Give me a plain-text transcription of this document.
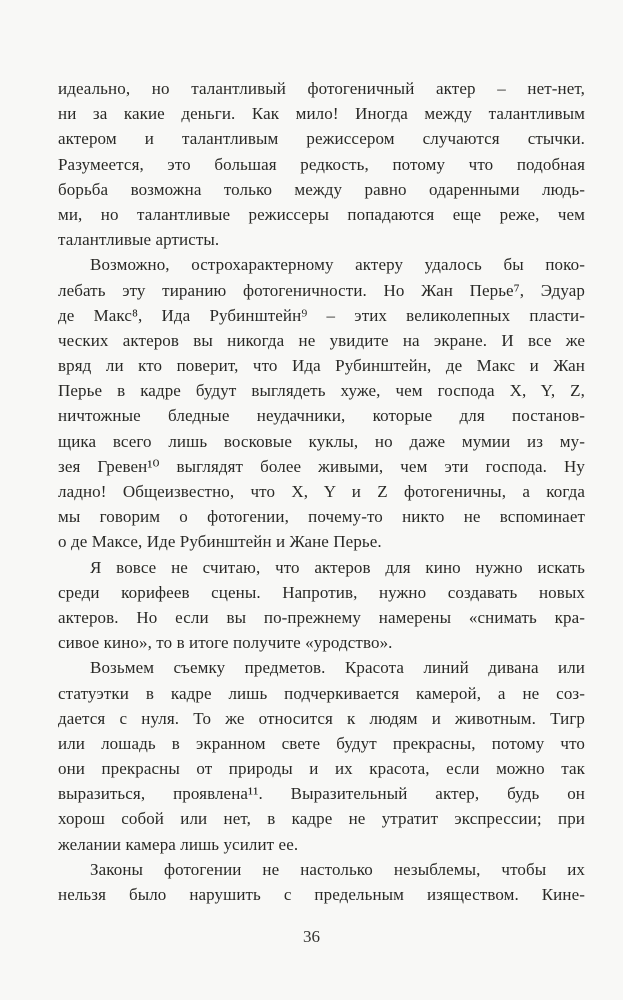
идеально, но талантливый фотогеничный актер – нет-нет,
ни за какие деньги. Как мило! Иногда между талантливым
актером и талантливым режиссером случаются стычки.
Разумеется, это большая редкость, потому что подобная
борьба возможна только между равно одаренными людь-
ми, но талантливые режиссеры попадаются еще реже, чем
талантливые артисты.
Возможно, острохарактерному актеру удалось бы поко-
лебать эту тиранию фотогеничности. Но Жан Перье⁷, Эдуар
де Макс⁸, Ида Рубинштейн⁹ – этих великолепных пласти-
ческих актеров вы никогда не увидите на экране. И все же
вряд ли кто поверит, что Ида Рубинштейн, де Макс и Жан
Перье в кадре будут выглядеть хуже, чем господа X, Y, Z,
ничтожные бледные неудачники, которые для постанов-
щика всего лишь восковые куклы, но даже мумии из му-
зея Гревен¹⁰ выглядят более живыми, чем эти господа. Ну
ладно! Общеизвестно, что X, Y и Z фотогеничны, а когда
мы говорим о фотогении, почему-то никто не вспоминает
о де Максе, Иде Рубинштейн и Жане Перье.
Я вовсе не считаю, что актеров для кино нужно искать
среди корифеев сцены. Напротив, нужно создавать новых
актеров. Но если вы по-прежнему намерены «снимать кра-
сивое кино», то в итоге получите «уродство».
Возьмем съемку предметов. Красота линий дивана или
статуэтки в кадре лишь подчеркивается камерой, а не соз-
дается с нуля. То же относится к людям и животным. Тигр
или лошадь в экранном свете будут прекрасны, потому что
они прекрасны от природы и их красота, если можно так
выразиться, проявлена¹¹. Выразительный актер, будь он
хорош собой или нет, в кадре не утратит экспрессии; при
желании камера лишь усилит ее.
Законы фотогении не настолько незыблемы, чтобы их
нельзя было нарушить с предельным изяществом. Кине-
36
